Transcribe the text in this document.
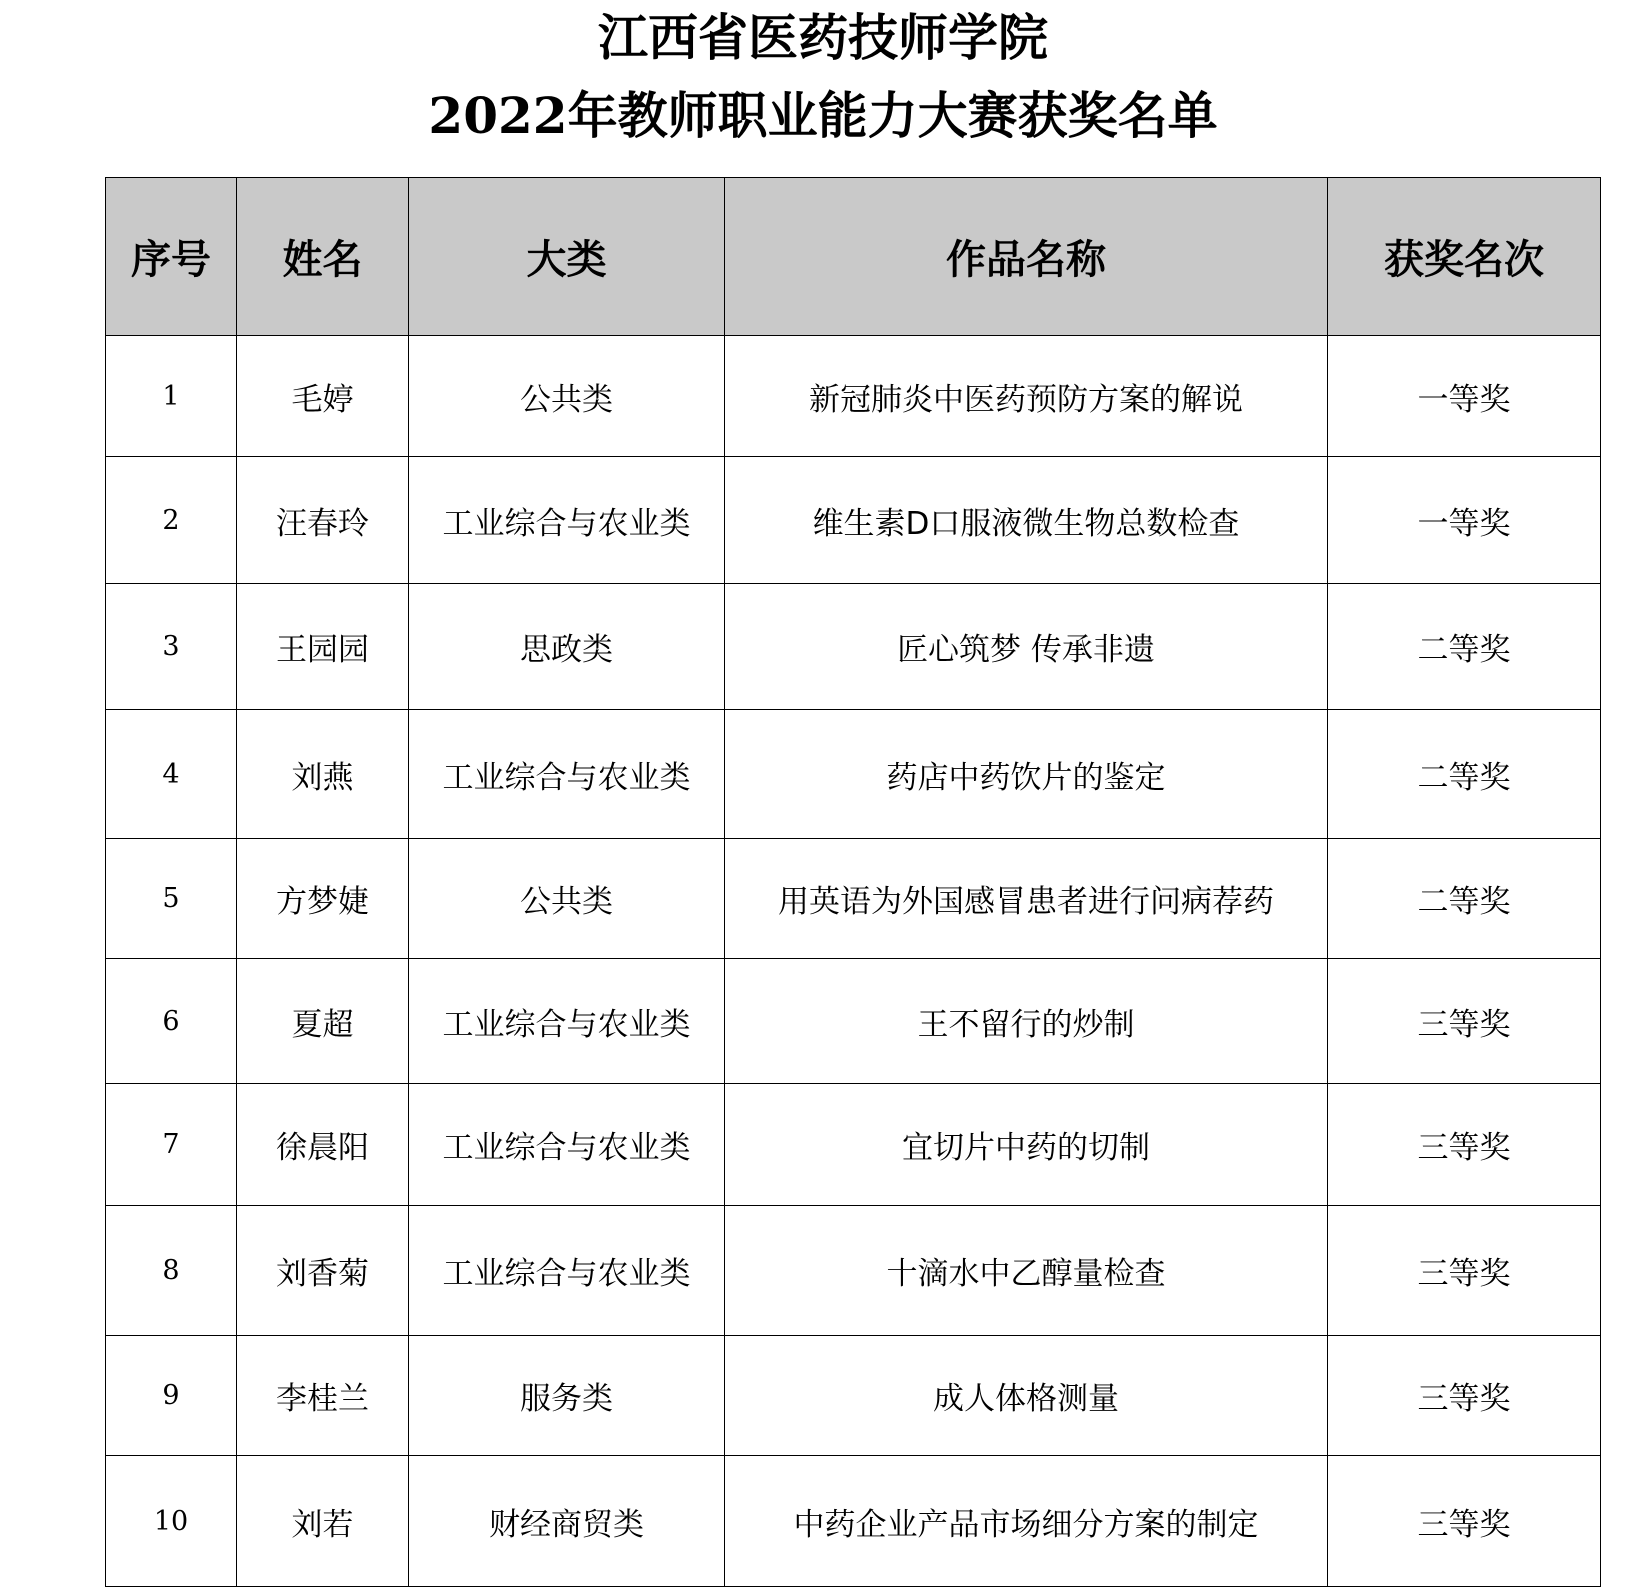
江西省医药技师学院
2022年教师职业能力大赛获奖名单
序号	姓名	大类	作品名称	获奖名次
1	毛婷	公共类	新冠肺炎中医药预防方案的解说	一等奖
2	汪春玲	工业综合与农业类	维生素D口服液微生物总数检查	一等奖
3	王园园	思政类	匠心筑梦 传承非遗	二等奖
4	刘燕	工业综合与农业类	药店中药饮片的鉴定	二等奖
5	方梦婕	公共类	用英语为外国感冒患者进行问病荐药	二等奖
6	夏超	工业综合与农业类	王不留行的炒制	三等奖
7	徐晨阳	工业综合与农业类	宜切片中药的切制	三等奖
8	刘香菊	工业综合与农业类	十滴水中乙醇量检查	三等奖
9	李桂兰	服务类	成人体格测量	三等奖
10	刘若	财经商贸类	中药企业产品市场细分方案的制定	三等奖
